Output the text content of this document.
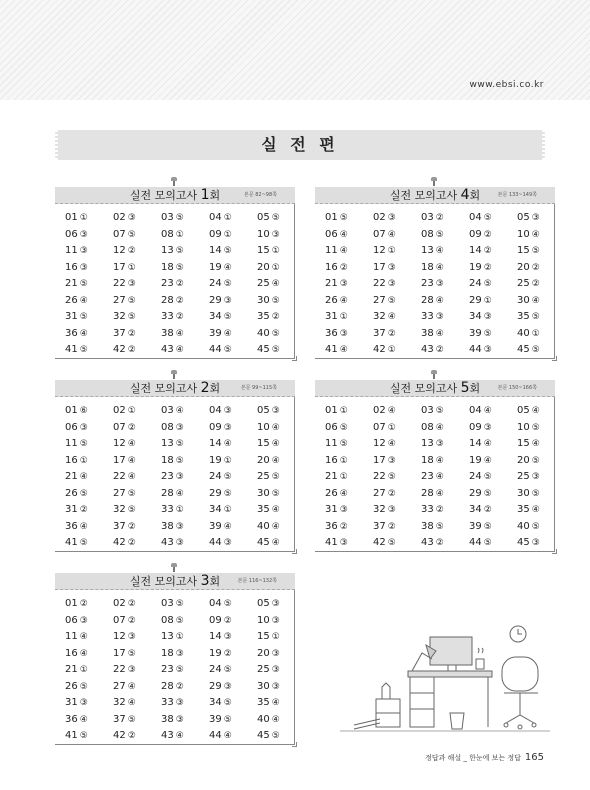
www.ebsi.co.kr
실 전 편
실전 모의고사 1회	본문 82~98쪽
01 ①	02 ③	03 ⑤	04 ①	05 ⑤
06 ③	07 ⑤	08 ①	09 ①	10 ③
11 ③	12 ②	13 ⑤	14 ⑤	15 ①
16 ③	17 ①	18 ⑤	19 ④	20 ①
21 ⑤	22 ③	23 ②	24 ⑤	25 ④
26 ④	27 ⑤	28 ②	29 ③	30 ⑤
31 ⑤	32 ⑤	33 ②	34 ⑤	35 ②
36 ④	37 ②	38 ④	39 ④	40 ⑤
41 ⑤	42 ②	43 ④	44 ⑤	45 ⑤
실전 모의고사 4회	본문 133~149쪽
01 ⑤	02 ③	03 ②	04 ⑤	05 ③
06 ④	07 ④	08 ⑤	09 ②	10 ④
11 ④	12 ①	13 ④	14 ②	15 ⑤
16 ②	17 ③	18 ④	19 ②	20 ②
21 ③	22 ③	23 ③	24 ⑤	25 ②
26 ④	27 ⑤	28 ④	29 ①	30 ④
31 ①	32 ④	33 ③	34 ③	35 ⑤
36 ③	37 ②	38 ④	39 ⑤	40 ①
41 ④	42 ①	43 ②	44 ③	45 ⑤
실전 모의고사 2회	본문 99~115쪽
01 ⑥	02 ①	03 ④	04 ③	05 ③
06 ③	07 ②	08 ③	09 ③	10 ④
11 ⑤	12 ④	13 ⑤	14 ④	15 ④
16 ①	17 ④	18 ⑤	19 ①	20 ④
21 ④	22 ④	23 ③	24 ⑤	25 ⑤
26 ⑤	27 ⑤	28 ④	29 ⑤	30 ⑤
31 ②	32 ⑤	33 ①	34 ①	35 ④
36 ④	37 ②	38 ③	39 ④	40 ④
41 ⑤	42 ②	43 ③	44 ③	45 ④
실전 모의고사 5회	본문 150~166쪽
01 ①	02 ④	03 ⑤	04 ④	05 ④
06 ⑤	07 ①	08 ④	09 ③	10 ⑤
11 ⑤	12 ④	13 ③	14 ④	15 ④
16 ①	17 ③	18 ④	19 ④	20 ⑤
21 ①	22 ⑤	23 ④	24 ⑤	25 ③
26 ④	27 ②	28 ④	29 ⑤	30 ⑤
31 ③	32 ③	33 ②	34 ②	35 ④
36 ②	37 ②	38 ⑤	39 ⑤	40 ⑤
41 ③	42 ⑤	43 ②	44 ⑤	45 ③
실전 모의고사 3회	본문 116~132쪽
01 ②	02 ②	03 ⑤	04 ⑤	05 ③
06 ③	07 ②	08 ⑤	09 ②	10 ③
11 ④	12 ③	13 ①	14 ③	15 ①
16 ④	17 ⑤	18 ③	19 ②	20 ③
21 ①	22 ③	23 ⑤	24 ⑤	25 ③
26 ⑤	27 ④	28 ②	29 ③	30 ③
31 ③	32 ④	33 ③	34 ⑤	35 ④
36 ④	37 ⑤	38 ③	39 ⑤	40 ④
41 ⑤	42 ②	43 ④	44 ④	45 ⑤
정답과 해설 _ 한눈에 보는 정답 165
